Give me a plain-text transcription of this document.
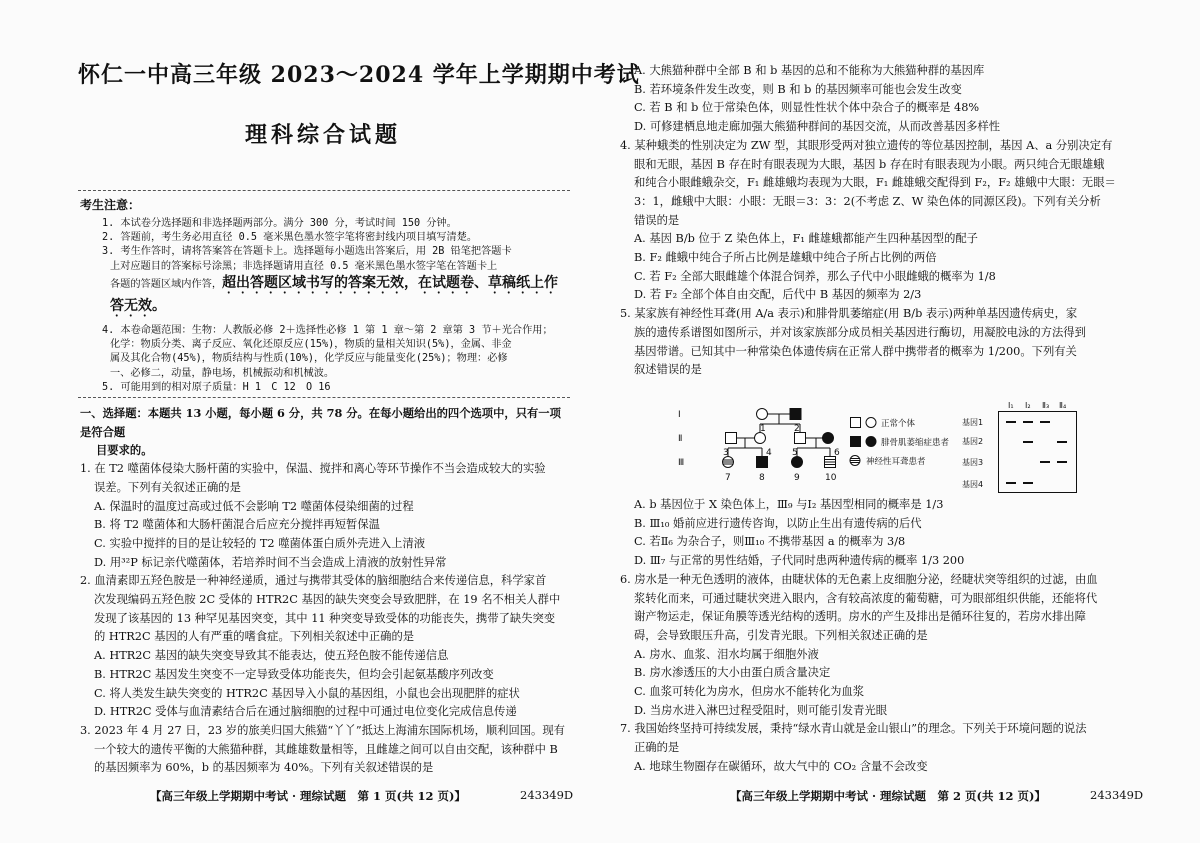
怀仁一中高三年级 2023～2024 学年上学期期中考试
理科综合试题
考生注意：

1. 本试卷分选择题和非选择题两部分。满分 300 分，考试时间 150 分钟。

2. 答题前，考生务必用直径 0.5 毫米黑色墨水签字笔将密封线内项目填写清楚。

3. 考生作答时，请将答案答在答题卡上。选择题每小题选出答案后，用 2B 铅笔把答题卡

上对应题目的答案标号涂黑；非选择题请用直径 0.5 毫米黑色墨水签字笔在答题卡上

各题的答题区域内作答，超出答题区域书写的答案无效，在试题卷、草稿纸上作

答无效。

4. 本卷命题范围：生物：人教版必修 2＋选择性必修 1 第 1 章～第 2 章第 3 节＋光合作用；

化学：物质分类、离子反应、氧化还原反应(15%)，物质的量相关知识(5%)，金属、非金

属及其化合物(45%)，物质结构与性质(10%)，化学反应与能量变化(25%)；物理：必修

一、必修二，动量，静电场，机械振动和机械波。

5. 可能用到的相对原子质量：H 1　C 12　O 16

一、选择题：本题共 13 小题，每小题 6 分，共 78 分。在每小题给出的四个选项中，只有一项是符合题

目要求的。

1. 在 T2 噬菌体侵染大肠杆菌的实验中，保温、搅拌和离心等环节操作不当会造成较大的实验

误差。下列有关叙述正确的是

A. 保温时的温度过高或过低不会影响 T2 噬菌体侵染细菌的过程

B. 将 T2 噬菌体和大肠杆菌混合后应充分搅拌再短暂保温

C. 实验中搅拌的目的是让较轻的 T2 噬菌体蛋白质外壳进入上清液

D. 用³²P 标记亲代噬菌体，若培养时间不当会造成上清液的放射性异常

2. 血清素即五羟色胺是一种神经递质，通过与携带其受体的脑细胞结合来传递信息，科学家首

次发现编码五羟色胺 2C 受体的 HTR2C 基因的缺失突变会导致肥胖，在 19 名不相关人群中

发现了该基因的 13 种罕见基因突变，其中 11 种突变导致受体的功能丧失，携带了缺失突变

的 HTR2C 基因的人有严重的嗜食症。下列相关叙述中正确的是

A. HTR2C 基因的缺失突变导致其不能表达，使五羟色胺不能传递信息

B. HTR2C 基因发生突变不一定导致受体功能丧失，但均会引起氨基酸序列改变

C. 将人类发生缺失突变的 HTR2C 基因导入小鼠的基因组，小鼠也会出现肥胖的症状

D. HTR2C 受体与血清素结合后在通过脑细胞的过程中可通过电位变化完成信息传递

3. 2023 年 4 月 27 日，23 岁的旅美归国大熊猫“丫丫”抵达上海浦东国际机场，顺利回国。现有

一个较大的遗传平衡的大熊猫种群，其雌雄数量相等，且雌雄之间可以自由交配，该种群中 B

的基因频率为 60%，b 的基因频率为 40%。下列有关叙述错误的是

【高三年级上学期期中考试 · 理综试题　第 1 页(共 12 页)】	243349D

A. 大熊猫种群中全部 B 和 b 基因的总和不能称为大熊猫种群的基因库

B. 若环境条件发生改变，则 B 和 b 的基因频率可能也会发生改变

C. 若 B 和 b 位于常染色体，则显性性状个体中杂合子的概率是 48%

D. 可修建栖息地走廊加强大熊猫种群间的基因交流，从而改善基因多样性

4. 某种蛾类的性别决定为 ZW 型，其眼形受两对独立遗传的等位基因控制，基因 A、a 分别决定有

眼和无眼，基因 B 存在时有眼表现为大眼，基因 b 存在时有眼表现为小眼。两只纯合无眼雄蛾

和纯合小眼雌蛾杂交，F₁ 雌雄蛾均表现为大眼，F₁ 雌雄蛾交配得到 F₂，F₂ 雄蛾中大眼：无眼＝

3：1，雌蛾中大眼：小眼：无眼＝3：3：2(不考虑 Z、W 染色体的同源区段)。下列有关分析

错误的是

A. 基因 B/b 位于 Z 染色体上，F₁ 雌雄蛾都能产生四种基因型的配子

B. F₂ 雌蛾中纯合子所占比例是雄蛾中纯合子所占比例的两倍

C. 若 F₂ 全部大眼雌雄个体混合饲养，那么子代中小眼雌蛾的概率为 1/8

D. 若 F₂ 全部个体自由交配，后代中 B 基因的频率为 2/3

5. 某家族有神经性耳聋(用 A/a 表示)和腓骨肌萎缩症(用 B/b 表示)两种单基因遗传病史，家

族的遗传系谱图如图所示，并对该家族部分成员相关基因进行酶切，用凝胶电泳的方法得到

基因带谱。已知其中一种常染色体遗传病在正常人群中携带者的概率为 1/200。下列有关

叙述错误的是

Ⅰ
Ⅱ
Ⅲ
1	2
3	4 5	6
7	8	9	10
正常个体
腓骨肌萎缩症患者
神经性耳聋患者
Ⅰ₁ Ⅰ₂ Ⅱ₃ Ⅱ₄
基因1
基因2
基因3
基因4

A. b 基因位于 X 染色体上，Ⅲ₉ 与Ⅰ₂ 基因型相同的概率是 1/3

B. Ⅲ₁₀ 婚前应进行遗传咨询，以防止生出有遗传病的后代

C. 若Ⅱ₆ 为杂合子，则Ⅲ₁₀ 不携带基因 a 的概率为 3/8

D. Ⅲ₇ 与正常的男性结婚，子代同时患两种遗传病的概率 1/3 200

6. 房水是一种无色透明的液体，由睫状体的无色素上皮细胞分泌，经睫状突等组织的过滤，由血

浆转化而来，可通过睫状突进入眼内，含有较高浓度的葡萄糖，可为眼部组织供能，还能将代

谢产物运走，保证角膜等透光结构的透明。房水的产生及排出是循环往复的，若房水排出障

碍，会导致眼压升高，引发青光眼。下列相关叙述正确的是

A. 房水、血浆、泪水均属于细胞外液

B. 房水渗透压的大小由蛋白质含量决定

C. 血浆可转化为房水，但房水不能转化为血浆

D. 当房水进入淋巴过程受阻时，则可能引发青光眼

7. 我国始终坚持可持续发展，秉持“绿水青山就是金山银山”的理念。下列关于环境问题的说法

正确的是

A. 地球生物圈存在碳循环，故大气中的 CO₂ 含量不会改变

【高三年级上学期期中考试 · 理综试题　第 2 页(共 12 页)】	243349D
